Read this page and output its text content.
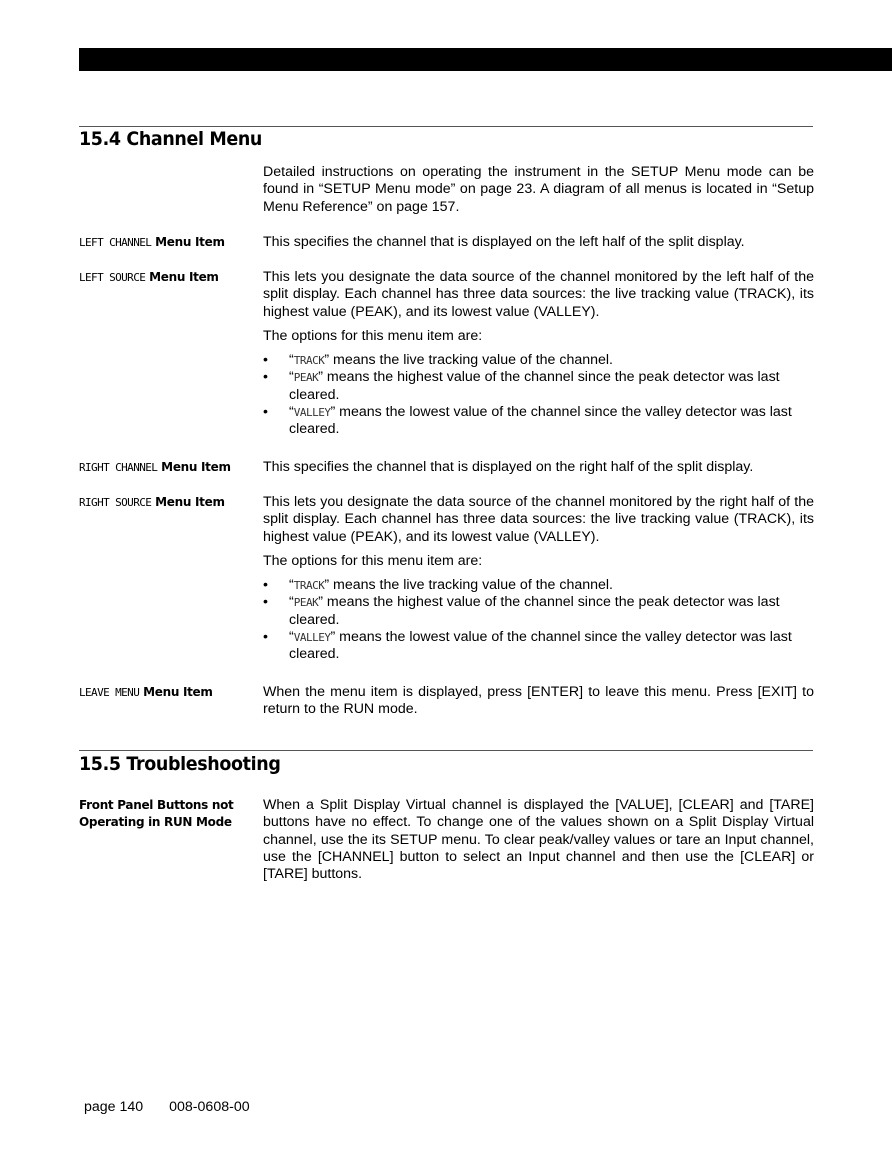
15.4 Channel Menu

Detailed instructions on operating the instrument in the SETUP Menu mode can be found in “SETUP Menu mode” on page 23. A diagram of all menus is located in “Setup Menu Reference” on page 157.

LEFT CHANNEL Menu Item	This specifies the channel that is displayed on the left half of the split display.

LEFT SOURCE Menu Item	This lets you designate the data source of the channel monitored by the left half of the split display. Each channel has three data sources: the live tracking value (TRACK), its highest value (PEAK), and its lowest value (VALLEY).

The options for this menu item are:

• “TRACK” means the live tracking value of the channel.
• “PEAK” means the highest value of the channel since the peak detector was last cleared.
• “VALLEY” means the lowest value of the channel since the valley detector was last cleared.
RIGHT CHANNEL Menu Item	This specifies the channel that is displayed on the right half of the split display.

RIGHT SOURCE Menu Item	This lets you designate the data source of the channel monitored by the right half of the split display. Each channel has three data sources: the live tracking value (TRACK), its highest value (PEAK), and its lowest value (VALLEY).

The options for this menu item are:

• “TRACK” means the live tracking value of the channel.
• “PEAK” means the highest value of the channel since the peak detector was last cleared.
• “VALLEY” means the lowest value of the channel since the valley detector was last cleared.
LEAVE MENU Menu Item	When the menu item is displayed, press [ENTER] to leave this menu. Press [EXIT] to return to the RUN mode.

15.5 Troubleshooting
Front Panel Buttons not
Operating in RUN Mode

When a Split Display Virtual channel is displayed the [VALUE], [CLEAR] and [TARE] buttons have no effect. To change one of the values shown on a Split Display Virtual channel, use the its SETUP menu. To clear peak/valley values or tare an Input channel, use the [CHANNEL] button to select an Input channel and then use the [CLEAR] or [TARE] buttons.

page 140 008-0608-00
